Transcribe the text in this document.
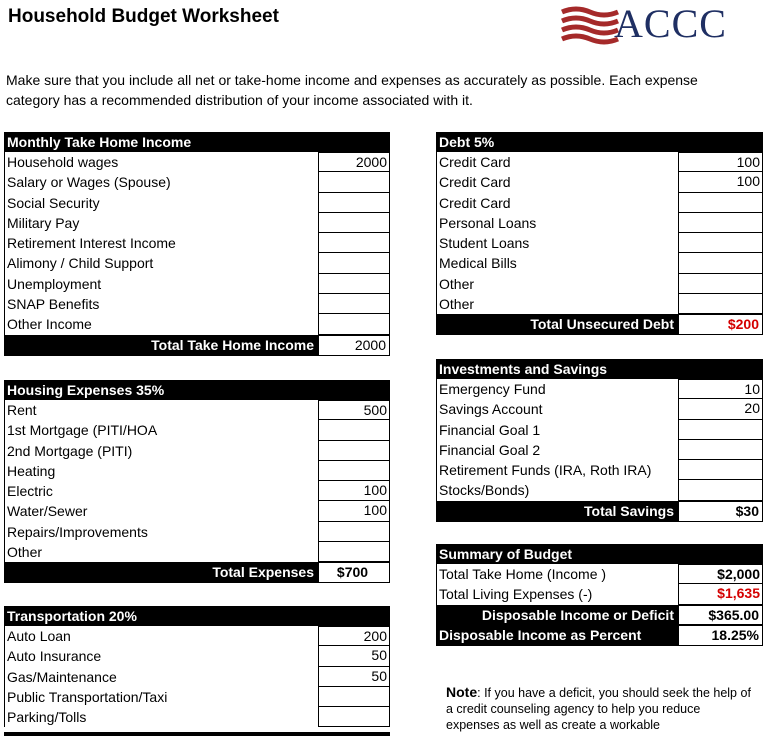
Household Budget Worksheet	ACCC
Make sure that you include all net or take-home income and expenses as accurately as possible. Each expense category has a recommended distribution of your income associated with it.
Monthly Take Home Income
Household wages	2000
Salary or Wages (Spouse)
Social Security
Military Pay
Retirement Interest Income
Alimony / Child Support
Unemployment
SNAP Benefits
Other Income
Total Take Home Income	2000
Housing Expenses 35%
Rent	500
1st Mortgage (PITI/HOA
2nd Mortgage (PITI)
Heating
Electric	100
Water/Sewer	100
Repairs/Improvements
Other
Total Expenses	$700
Transportation 20%
Auto Loan	200
Auto Insurance	50
Gas/Maintenance	50
Public Transportation/Taxi
Parking/Tolls
Debt 5%
Credit Card	100
Credit Card	100
Credit Card
Personal Loans
Student Loans
Medical Bills
Other
Other
Total Unsecured Debt	$200
Investments and Savings
Emergency Fund	10
Savings Account	20
Financial Goal 1
Financial Goal 2
Retirement Funds (IRA, Roth IRA)
Stocks/Bonds)
Total Savings	$30
Summary of Budget
Total Take Home (Income )	$2,000
Total Living Expenses (-)	$1,635
Disposable Income or Deficit	$365.00
Disposable Income as Percent	18.25%
Note: If you have a deficit, you should seek the help of a credit counseling agency to help you reduce expenses as well as create a workable
